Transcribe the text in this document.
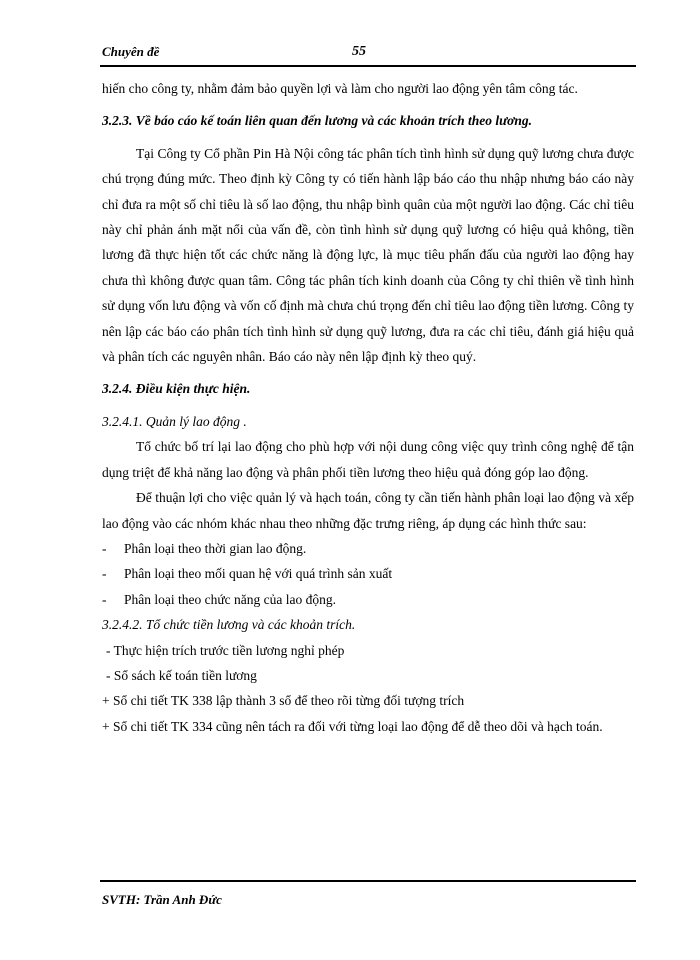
Chuyên đề	55

hiến cho công ty, nhằm đảm bảo quyền lợi và làm cho người lao động yên tâm công tác.

3.2.3. Về báo cáo kế toán liên quan đến lương và các khoản trích theo lương.

Tại Công ty Cổ phần Pin Hà Nội công tác phân tích tình hình sử dụng quỹ lương chưa được chú trọng đúng mức. Theo định kỳ Công ty có tiến hành lập báo cáo thu nhập nhưng báo cáo này chỉ đưa ra một số chỉ tiêu là số lao động, thu nhập bình quân của một người lao động. Các chỉ tiêu này chỉ phản ánh mặt nổi của vấn đề, còn tình hình sử dụng quỹ lương có hiệu quả không, tiền lương đã thực hiện tốt các chức năng là động lực, là mục tiêu phấn đấu của người lao động hay chưa thì không được quan tâm. Công tác phân tích kinh doanh của Công ty chỉ thiên về tình hình sử dụng vốn lưu động và vốn cố định mà chưa chú trọng đến chỉ tiêu lao động tiền lương. Công ty nên lập các báo cáo phân tích tình hình sử dụng quỹ lương, đưa ra các chỉ tiêu, đánh giá hiệu quả và phân tích các nguyên nhân. Báo cáo này nên lập định kỳ theo quý.

3.2.4. Điều kiện thực hiện.

3.2.4.1. Quản lý lao động .

Tổ chức bố trí lại lao động cho phù hợp với nội dung công việc quy trình công nghệ để tận dụng triệt để khả năng lao động và phân phối tiền lương theo hiệu quả đóng góp lao động.

Để thuận lợi cho việc quản lý và hạch toán, công ty cần tiến hành phân loại lao động và xếp lao động vào các nhóm khác nhau theo những đặc trưng riêng, áp dụng các hình thức sau:

-	Phân loại theo thời gian lao động.
-	Phân loại theo mối quan hệ với quá trình sản xuất
-	Phân loại theo chức năng của lao động.

3.2.4.2. Tổ chức tiền lương và các khoản trích.

- Thực hiện trích trước tiền lương nghỉ phép

- Sổ sách kế toán tiền lương

+ Sổ chi tiết TK 338 lập thành 3 sổ để theo rõi từng đối tượng trích

+ Sổ chi tiết TK 334 cũng nên tách ra đối với từng loại lao động để dễ theo dõi và hạch toán.

SVTH: Trần Anh Đức
